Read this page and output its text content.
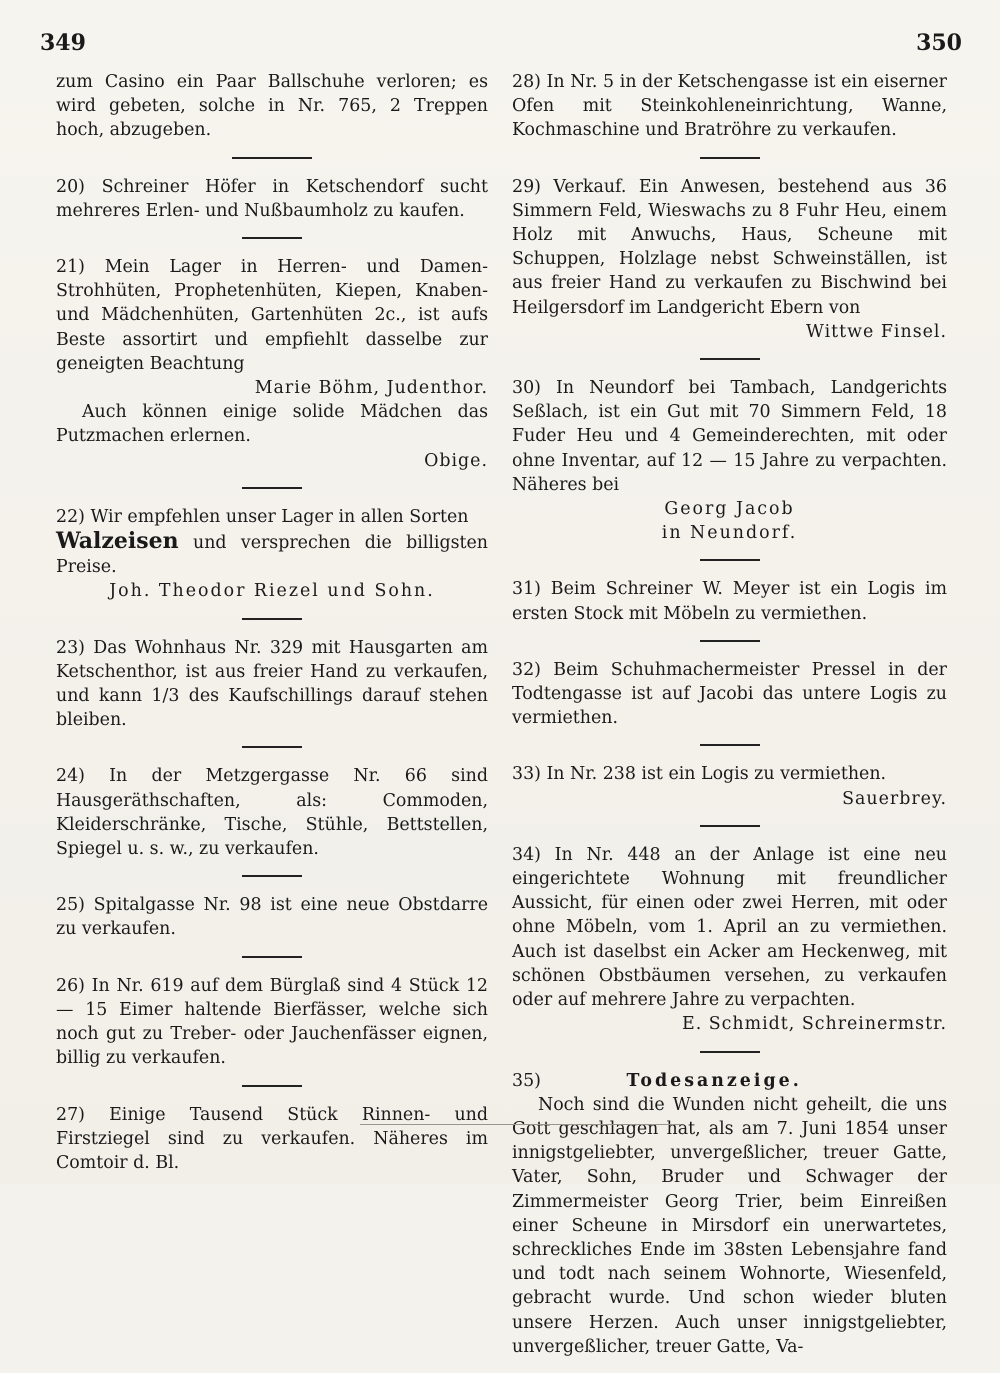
349	350

zum Casino ein Paar Ballschuhe verloren; es wird gebeten, solche in Nr. 765, 2 Treppen hoch, abzugeben.

20) Schreiner Höfer in Ketschendorf sucht mehreres Erlen- und Nußbaumholz zu kaufen.

21) Mein Lager in Herren- und Damen-Strohhüten, Prophetenhüten, Kiepen, Knaben- und Mädchenhüten, Gartenhüten 2c., ist aufs Beste assortirt und empfiehlt dasselbe zur geneigten Beachtung

Marie Böhm, Judenthor.

Auch können einige solide Mädchen das Putzmachen erlernen.

Obige.

22) Wir empfehlen unser Lager in allen Sorten

Walzeisen und versprechen die billigsten Preise.

Joh. Theodor Riezel und Sohn.

23) Das Wohnhaus Nr. 329 mit Hausgarten am Ketschenthor, ist aus freier Hand zu verkaufen, und kann 1/3 des Kaufschillings darauf stehen bleiben.

24) In der Metzgergasse Nr. 66 sind Hausgeräthschaften, als: Commoden, Kleiderschränke, Tische, Stühle, Bettstellen, Spiegel u. s. w., zu verkaufen.

25) Spitalgasse Nr. 98 ist eine neue Obstdarre zu verkaufen.

26) In Nr. 619 auf dem Bürglaß sind 4 Stück 12 — 15 Eimer haltende Bierfässer, welche sich noch gut zu Treber- oder Jauchenfässer eignen, billig zu verkaufen.

27) Einige Tausend Stück Rinnen- und Firstziegel sind zu verkaufen. Näheres im Comtoir d. Bl.

28) In Nr. 5 in der Ketschengasse ist ein eiserner Ofen mit Steinkohleneinrichtung, Wanne, Kochmaschine und Bratröhre zu verkaufen.

29) Verkauf. Ein Anwesen, bestehend aus 36 Simmern Feld, Wieswachs zu 8 Fuhr Heu, einem Holz mit Anwuchs, Haus, Scheune mit Schuppen, Holzlage nebst Schweinställen, ist aus freier Hand zu verkaufen zu Bischwind bei Heilgersdorf im Landgericht Ebern von

Wittwe Finsel.

30) In Neundorf bei Tambach, Landgerichts Seßlach, ist ein Gut mit 70 Simmern Feld, 18 Fuder Heu und 4 Gemeinderechten, mit oder ohne Inventar, auf 12 — 15 Jahre zu verpachten. Näheres bei

Georg Jacob

in Neundorf.

31) Beim Schreiner W. Meyer ist ein Logis im ersten Stock mit Möbeln zu vermiethen.

32) Beim Schuhmachermeister Pressel in der Todtengasse ist auf Jacobi das untere Logis zu vermiethen.

33) In Nr. 238 ist ein Logis zu vermiethen.

Sauerbrey.

34) In Nr. 448 an der Anlage ist eine neu eingerichtete Wohnung mit freundlicher Aussicht, für einen oder zwei Herren, mit oder ohne Möbeln, vom 1. April an zu vermiethen. Auch ist daselbst ein Acker am Heckenweg, mit schönen Obstbäumen versehen, zu verkaufen oder auf mehrere Jahre zu verpachten.

E. Schmidt, Schreinermstr.

35)	Todesanzeige.

Noch sind die Wunden nicht geheilt, die uns Gott geschlagen hat, als am 7. Juni 1854 unser innigstgeliebter, unvergeßlicher, treuer Gatte, Vater, Sohn, Bruder und Schwager der Zimmermeister Georg Trier, beim Einreißen einer Scheune in Mirsdorf ein unerwartetes, schreckliches Ende im 38sten Lebensjahre fand und todt nach seinem Wohnorte, Wiesenfeld, gebracht wurde. Und schon wieder bluten unsere Herzen. Auch unser innigstgeliebter, unvergeßlicher, treuer Gatte, Va-
